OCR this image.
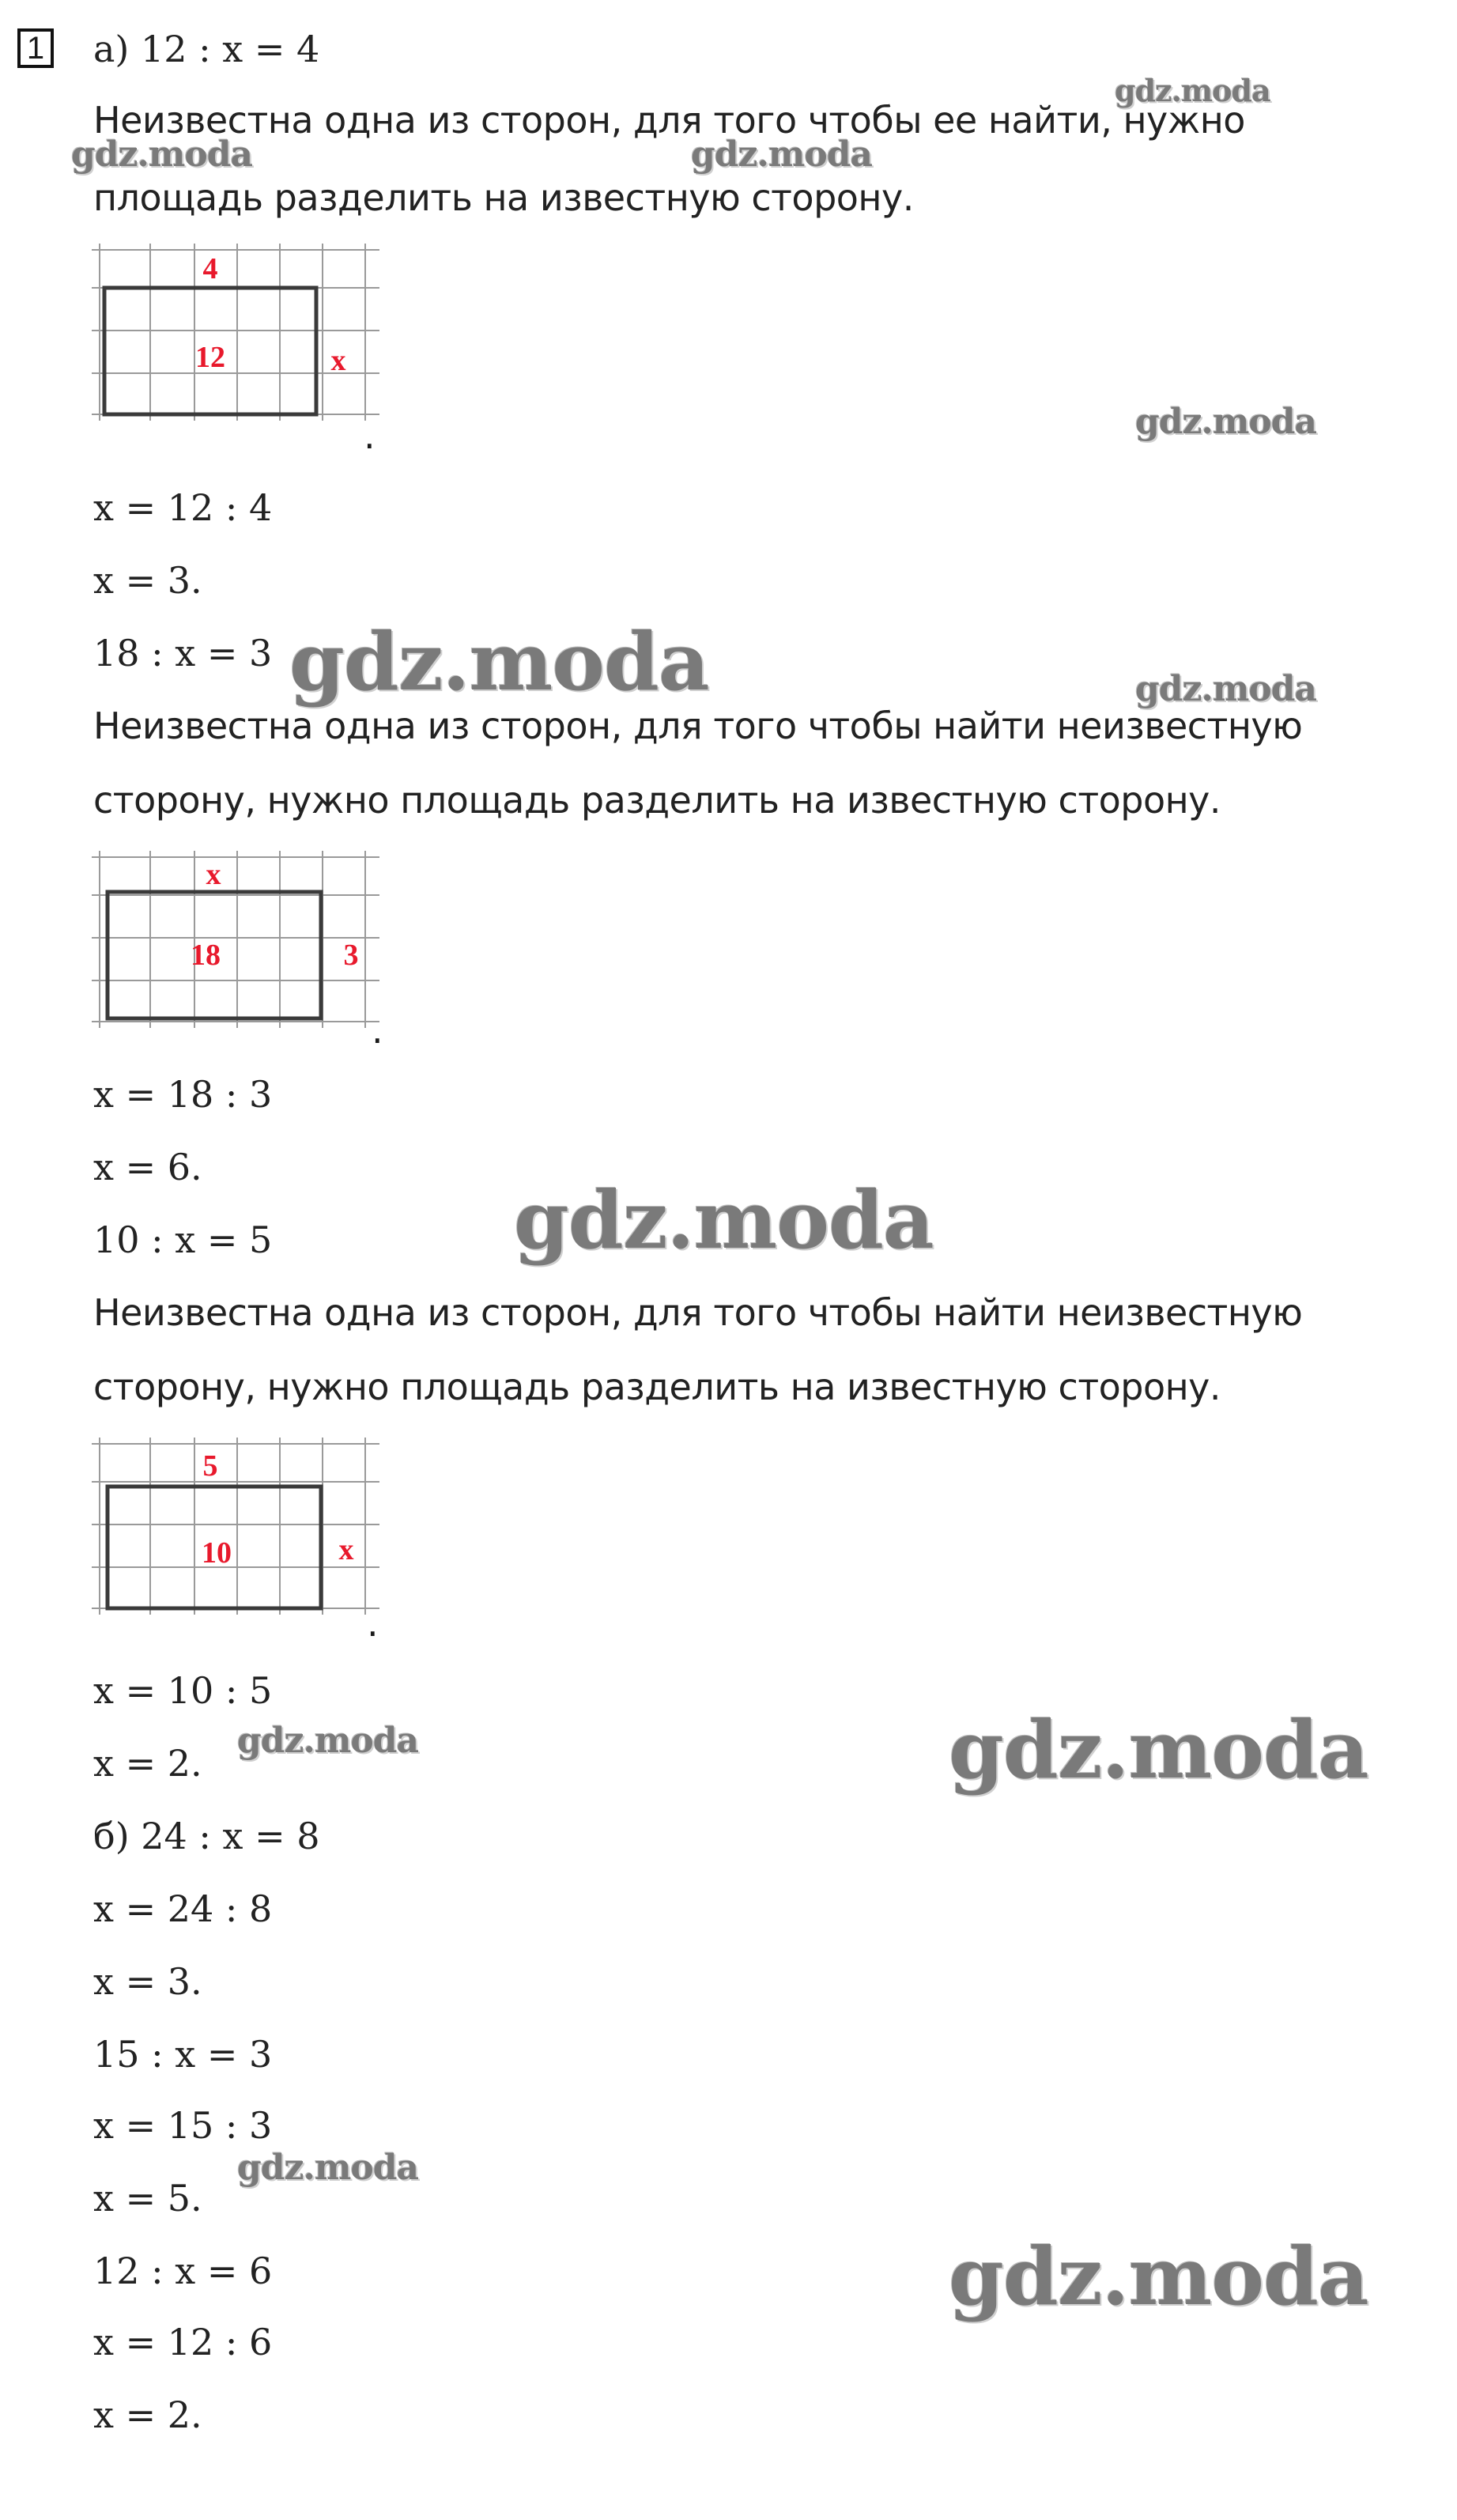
1 а) 12 : x = 4
Неизвестна одна из сторон, для того чтобы ее найти, нужно
площадь разделить на известную сторону.
4
12	x
.
x = 12 : 4
x = 3.
18 : x = 3
Неизвестна одна из сторон, для того чтобы найти неизвестную
сторону, нужно площадь разделить на известную сторону.
x
18	3
.
x = 18 : 3
x = 6.
10 : x = 5
Неизвестна одна из сторон, для того чтобы найти неизвестную
сторону, нужно площадь разделить на известную сторону.
5
10	x
.
x = 10 : 5
x = 2.
б) 24 : x = 8
x = 24 : 8
x = 3.
15 : x = 3
x = 15 : 3
x = 5.
12 : x = 6
x = 12 : 6
x = 2.
gdz.moda
gdz.moda	gdz.moda
gdz.moda
gdz.moda	gdz.moda
gdz.moda
gdz.moda	gdz.moda
gdz.moda
gdz.moda
